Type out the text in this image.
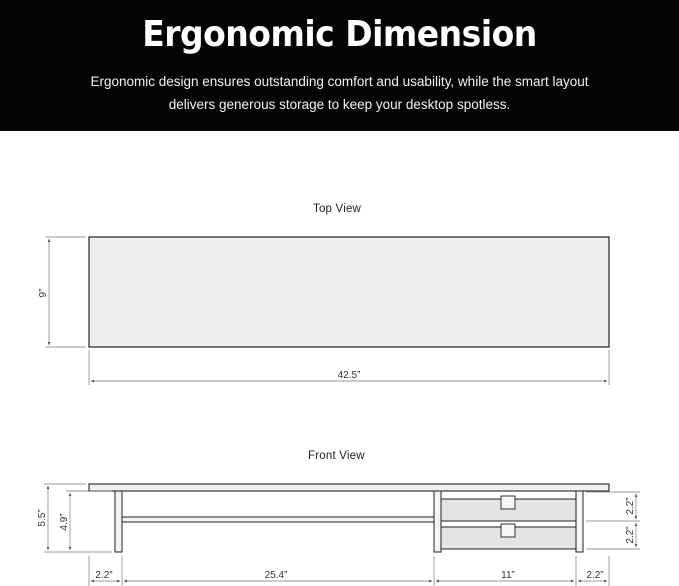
Ergonomic Dimension
Ergonomic design ensures outstanding comfort and usability, while the smart layout delivers generous storage to keep your desktop spotless.
Top View
Front View
9”
42.5”
5.5” 4.9”
2.2”
2.2”
2.2”	25.4”	11”	2.2”
